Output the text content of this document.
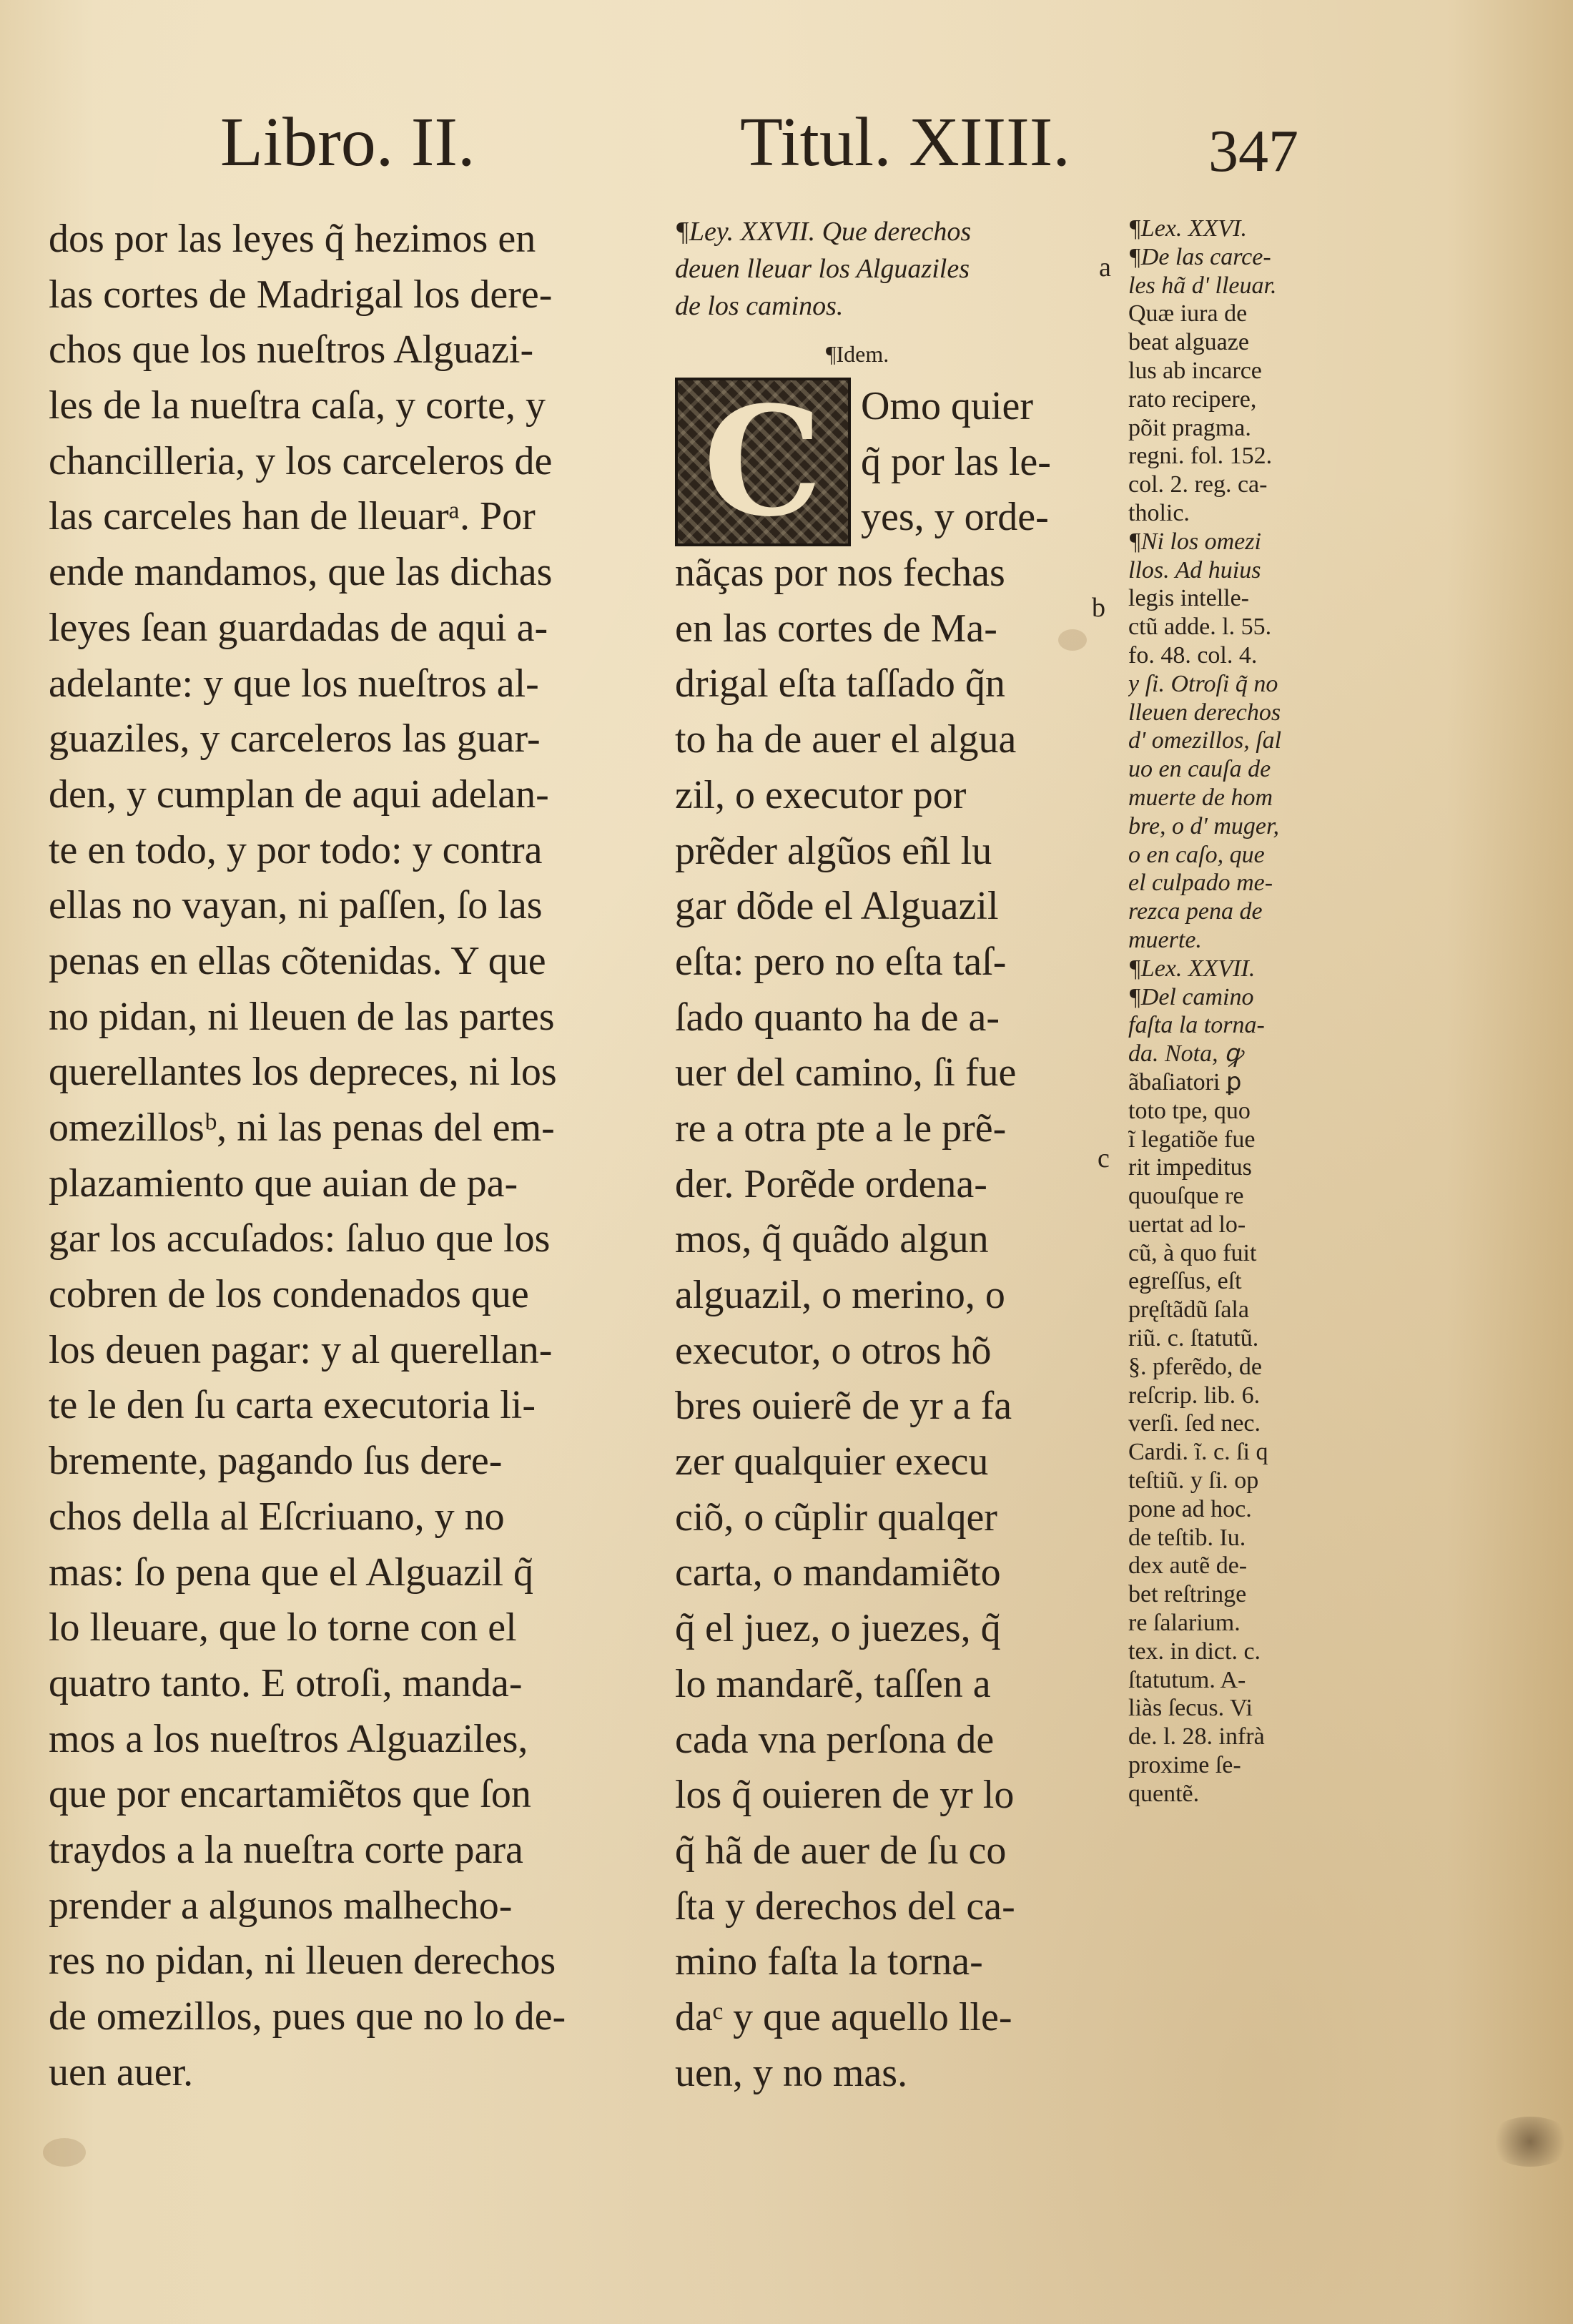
Libro. II.	Titul. XIIII. 347
dos por las leyes q̃ hezimos en
las cortes de Madrigal los dere-
chos que los nueſtros Alguazi-
les de la nueſtra caſa, y corte, y
chancilleria, y los carceleros de
las carceles han de lleuarᵃ. Por
ende mandamos, que las dichas
leyes ſean guardadas de aqui a-
adelante: y que los nueſtros al-
guaziles, y carceleros las guar-
den, y cumplan de aqui adelan-
te en todo, y por todo: y contra
ellas no vayan, ni paſſen, ſo las
penas en ellas cõtenidas. Y que
no pidan, ni lleuen de las partes
querellantes los depreces, ni los
omezillosᵇ, ni las penas del em-
plazamiento que auian de pa-
gar los accuſados: ſaluo que los
cobren de los condenados que
los deuen pagar: y al querellan-
te le den ſu carta executoria li-
bremente, pagando ſus dere-
chos della al Eſcriuano, y no
mas: ſo pena que el Alguazil q̃
lo lleuare, que lo torne con el
quatro tanto. E otroſi, manda-
mos a los nueſtros Alguaziles,
que por encartamiẽtos que ſon
traydos a la nueſtra corte para
prender a algunos malhecho-
res no pidan, ni lleuen derechos
de omezillos, pues que no lo de-
uen auer.
¶Ley. XXVII. Que derechos
deuen lleuar los Alguaziles
de los caminos.
¶Idem.
C Omo quier
q̃ por las le-
yes, y orde-
nãças por nos fechas
en las cortes de Ma-
drigal eſta taſſado q̃n
to ha de auer el algua
zil, o executor por
prẽder algũos eñl lu
gar dõde el Alguazil
eſta: pero no eſta taſ-
ſado quanto ha de a-
uer del camino, ſi fue
re a otra pte a le prẽ-
der. Porẽde ordena-
mos, q̃ quãdo algun
alguazil, o merino, o
executor, o otros hõ
bres ouierẽ de yr a fa
zer qualquier execu
ciõ, o cũplir qualqer
carta, o mandamiẽto
q̃ el juez, o juezes, q̃
lo mandarẽ, taſſen a
cada vna perſona de
los q̃ ouieren de yr lo
q̃ hã de auer de ſu co
ſta y derechos del ca-
mino faſta la torna-
daᶜ y que aquello lle-
uen, y no mas.
a
b
c
¶Lex. XXVI.
¶De las carce-
les hã d' lleuar.
Quæ iura de
beat alguaze
lus ab incarce
rato recipere,
põit pragma.
regni. fol. 152.
col. 2. reg. ca-
tholic.
¶Ni los omezi
llos. Ad huius
legis intelle-
ctũ adde. l. 55.
fo. 48. col. 4.
y ſi. Otroſi q̃ no
lleuen derechos
d' omezillos, ſal
uo en cauſa de
muerte de hom
bre, o d' muger,
o en caſo, que
el culpado me-
rezca pena de
muerte.
¶Lex. XXVII.
¶Del camino
faſta la torna-
da. Nota, ꝙ
ãbaſiatori ꝑ
toto tpe, quo
ĩ legatiõe fue
rit impeditus
quouſque re
uertat ad lo-
cũ, à quo fuit
egreſſus, eſt
pręſtãdũ ſala
riũ. c. ſtatutũ.
§. pferẽdo, de
reſcrip. lib. 6.
verſi. ſed nec.
Cardi. ĩ. c. ſi q
teſtiũ. y ſi. op
pone ad hoc.
de teſtib. Iu.
dex autẽ de-
bet reſtringe
re ſalarium.
tex. in dict. c.
ſtatutum. A-
liàs ſecus. Vi
de. l. 28. infrà
proxime ſe-
quentẽ.
